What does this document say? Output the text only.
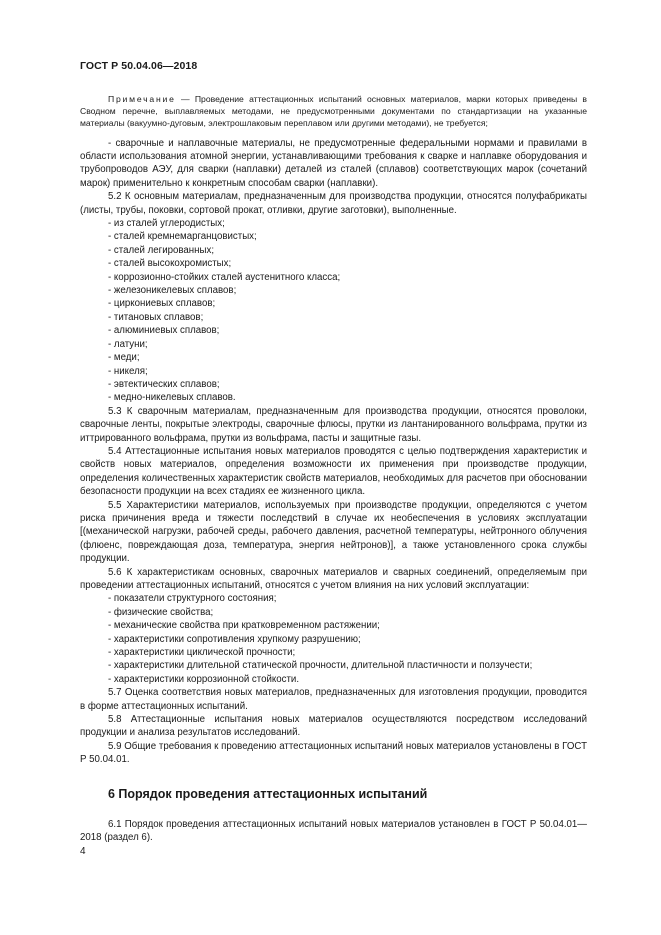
ГОСТ Р 50.04.06—2018

Примечание — Проведение аттестационных испытаний основных материалов, марки которых приведены в Сводном перечне, выплавляемых методами, не предусмотренными документами по стандартизации на указанные материалы (вакуумно-дуговым, электрошлаковым переплавом или другими методами), не требуется;

- сварочные и наплавочные материалы, не предусмотренные федеральными нормами и правилами в области использования атомной энергии, устанавливающими требования к сварке и наплавке оборудования и трубопроводов АЭУ, для сварки (наплавки) деталей из сталей (сплавов) соответствующих марок (сочетаний марок) применительно к конкретным способам сварки (наплавки).

5.2 К основным материалам, предназначенным для производства продукции, относятся полуфабрикаты (листы, трубы, поковки, сортовой прокат, отливки, другие заготовки), выполненные.

- из сталей углеродистых;
- сталей кремнемарганцовистых;
- сталей легированных;
- сталей высокохромистых;
- коррозионно-стойких сталей аустенитного класса;
- железоникелевых сплавов;
- циркониевых сплавов;
- титановых сплавов;
- алюминиевых сплавов;
- латуни;
- меди;
- никеля;
- эвтектических сплавов;
- медно-никелевых сплавов.

5.3 К сварочным материалам, предназначенным для производства продукции, относятся проволоки, сварочные ленты, покрытые электроды, сварочные флюсы, прутки из лантанированного вольфрама, прутки из иттрированного вольфрама, прутки из вольфрама, пасты и защитные газы.

5.4 Аттестационные испытания новых материалов проводятся с целью подтверждения характеристик и свойств новых материалов, определения возможности их применения при производстве продукции, определения количественных характеристик свойств материалов, необходимых для расчетов при обосновании безопасности продукции на всех стадиях ее жизненного цикла.

5.5 Характеристики материалов, используемых при производстве продукции, определяются с учетом риска причинения вреда и тяжести последствий в случае их необеспечения в условиях эксплуатации [(механической нагрузки, рабочей среды, рабочего давления, расчетной температуры, нейтронного облучения (флюенс, повреждающая доза, температура, энергия нейтронов)], а также установленного срока службы продукции.

5.6 К характеристикам основных, сварочных материалов и сварных соединений, определяемым при проведении аттестационных испытаний, относятся с учетом влияния на них условий эксплуатации:

- показатели структурного состояния;
- физические свойства;
- механические свойства при кратковременном растяжении;
- характеристики сопротивления хрупкому разрушению;
- характеристики циклической прочности;
- характеристики длительной статической прочности, длительной пластичности и ползучести;
- характеристики коррозионной стойкости.

5.7 Оценка соответствия новых материалов, предназначенных для изготовления продукции, проводится в форме аттестационных испытаний.

5.8 Аттестационные испытания новых материалов осуществляются посредством исследований продукции и анализа результатов исследований.

5.9 Общие требования к проведению аттестационных испытаний новых материалов установлены в ГОСТ Р 50.04.01.

6 Порядок проведения аттестационных испытаний

6.1 Порядок проведения аттестационных испытаний новых материалов установлен в ГОСТ Р 50.04.01—2018 (раздел 6).

4
